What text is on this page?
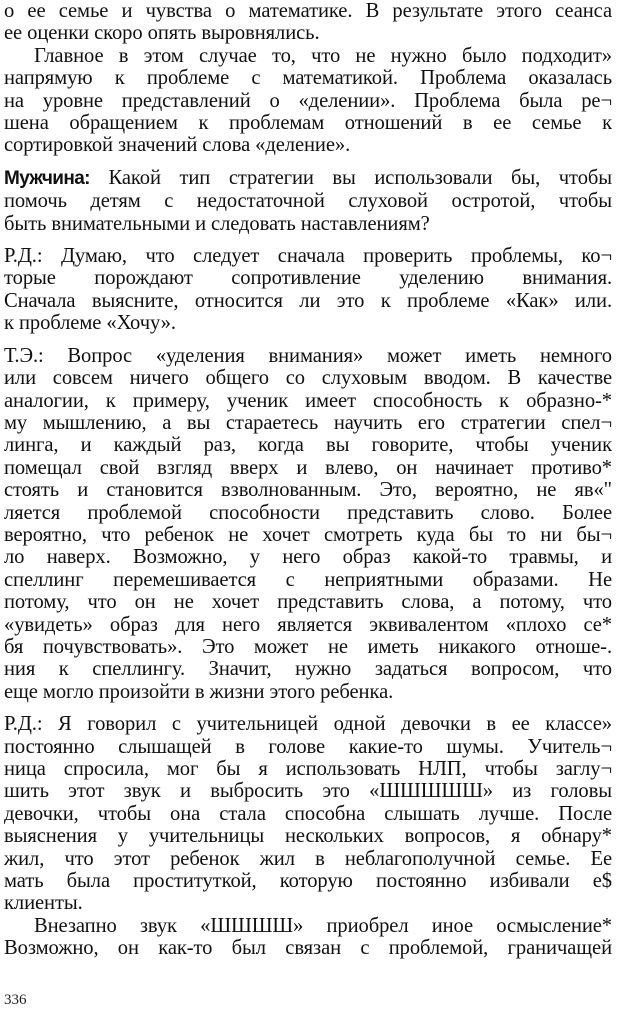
о ее семье и чувства о математике. В результате этого сеанса
ее оценки скоро опять выровнялись.
Главное в этом случае то, что не нужно было подходит»
напрямую к проблеме с математикой. Проблема оказалась
на уровне представлений о «делении». Проблема была ре¬
шена обращением к проблемам отношений в ее семье к
сортировкой значений слова «деление».
Мужчина: Какой тип стратегии вы использовали бы, чтобы
помочь детям с недостаточной слуховой остротой, чтобы
быть внимательными и следовать наставлениям?
Р.Д.: Думаю, что следует сначала проверить проблемы, ко¬
торые порождают сопротивление уделению внимания.
Сначала выясните, относится ли это к проблеме «Как» или.
к проблеме «Хочу».
Т.Э.: Вопрос «уделения внимания» может иметь немного
или совсем ничего общего со слуховым вводом. В качестве
аналогии, к примеру, ученик имеет способность к образно-*
му мышлению, а вы стараетесь научить его стратегии спел¬
линга, и каждый раз, когда вы говорите, чтобы ученик
помещал свой взгляд вверх и влево, он начинает противо*
стоять и становится взволнованным. Это, вероятно, не яв«"
ляется проблемой способности представить слово. Более
вероятно, что ребенок не хочет смотреть куда бы то ни бы¬
ло наверх. Возможно, у него образ какой-то травмы, и
спеллинг перемешивается с неприятными образами. Не
потому, что он не хочет представить слова, а потому, что
«увидеть» образ для него является эквивалентом «плохо се*
бя почувствовать». Это может не иметь никакого отноше-.
ния к спеллингу. Значит, нужно задаться вопросом, что
еще могло произойти в жизни этого ребенка.
Р.Д.: Я говорил с учительницей одной девочки в ее классе»
постоянно слышащей в голове какие-то шумы. Учитель¬
ница спросила, мог бы я использовать НЛП, чтобы заглу¬
шить этот звук и выбросить это «ШШШШШ» из головы
девочки, чтобы она стала способна слышать лучше. После
выяснения у учительницы нескольких вопросов, я обнару*
жил, что этот ребенок жил в неблагополучной семье. Ее
мать была проституткой, которую постоянно избивали е$
клиенты.
Внезапно звук «ШШШШ» приобрел иное осмысление*
Возможно, он как-то был связан с проблемой, граничащей
336
